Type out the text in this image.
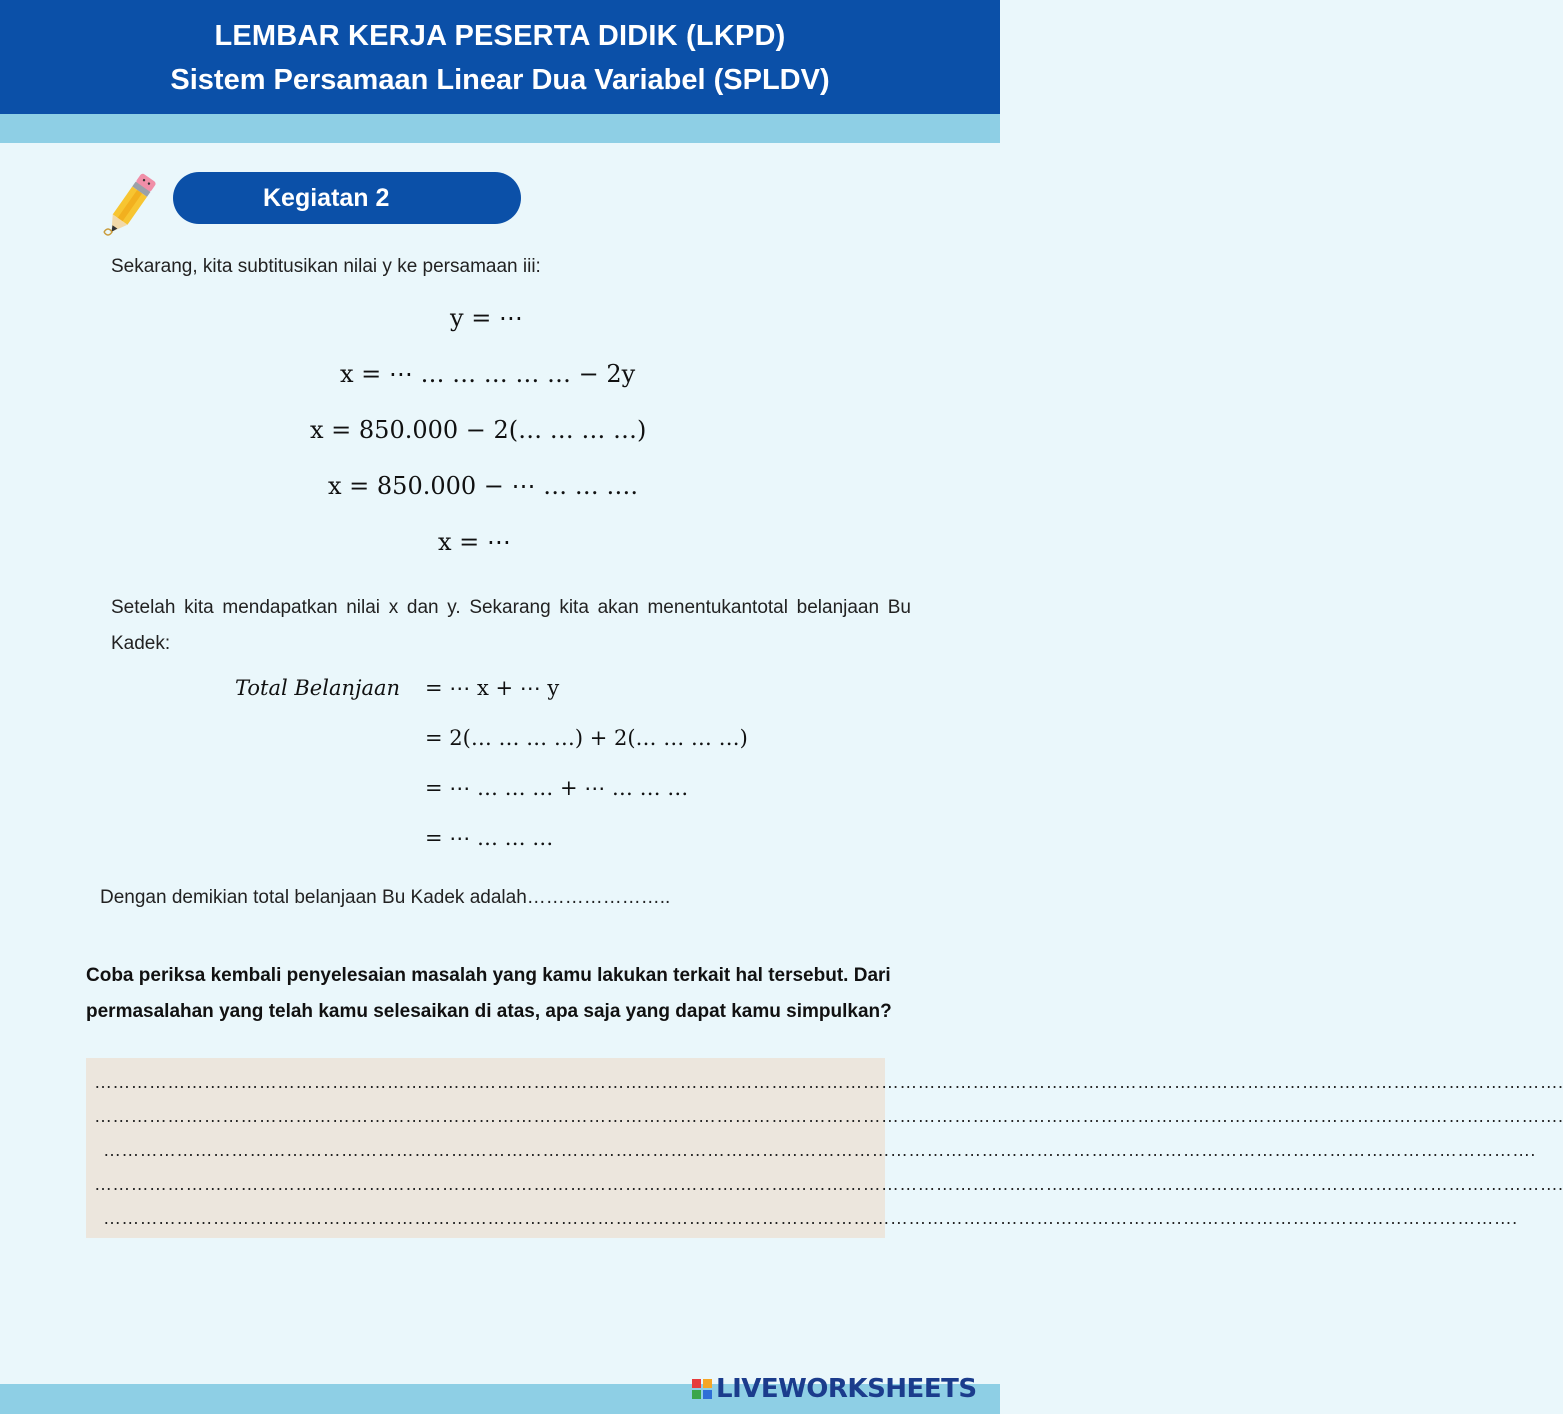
LEMBAR KERJA PESERTA DIDIK (LKPD)
Sistem Persamaan Linear Dua Variabel (SPLDV)
Kegiatan 2
Sekarang, kita subtitusikan nilai y ke persamaan iii:
y = ⋯
x = ⋯ … … … … … − 2y
x = 850.000 − 2(… … … …)
x = 850.000 − ⋯ … … ….
x = ⋯
Setelah kita mendapatkan nilai x dan y. Sekarang kita akan menentukantotal belanjaan Bu Kadek:
Total Belanjaan = ⋯ x + ⋯ y
= 2(… … … …) + 2(… … … …)
= ⋯ … … … + ⋯ … … …
= ⋯ … … …
Dengan demikian total belanjaan Bu Kadek adalah…………………..
Coba periksa kembali penyelesaian masalah yang kamu lakukan terkait hal tersebut. Dari permasalahan yang telah kamu selesaikan di atas, apa saja yang dapat kamu simpulkan?
…………………………………………………………………………………………………………………………………………………………………………………………………………………….
…………………………………………………………………………………………………………………………………………………………………………………………………………………….
……………………………………………………………………………………………………………………………………………………………………………………………………………….
…………………………………………………………………………………………………………………………………………………………………………………………………………………….
…………………………………………………………………………………………………………………………………………………………………………………………………………….
LIVEWORKSHEETS
